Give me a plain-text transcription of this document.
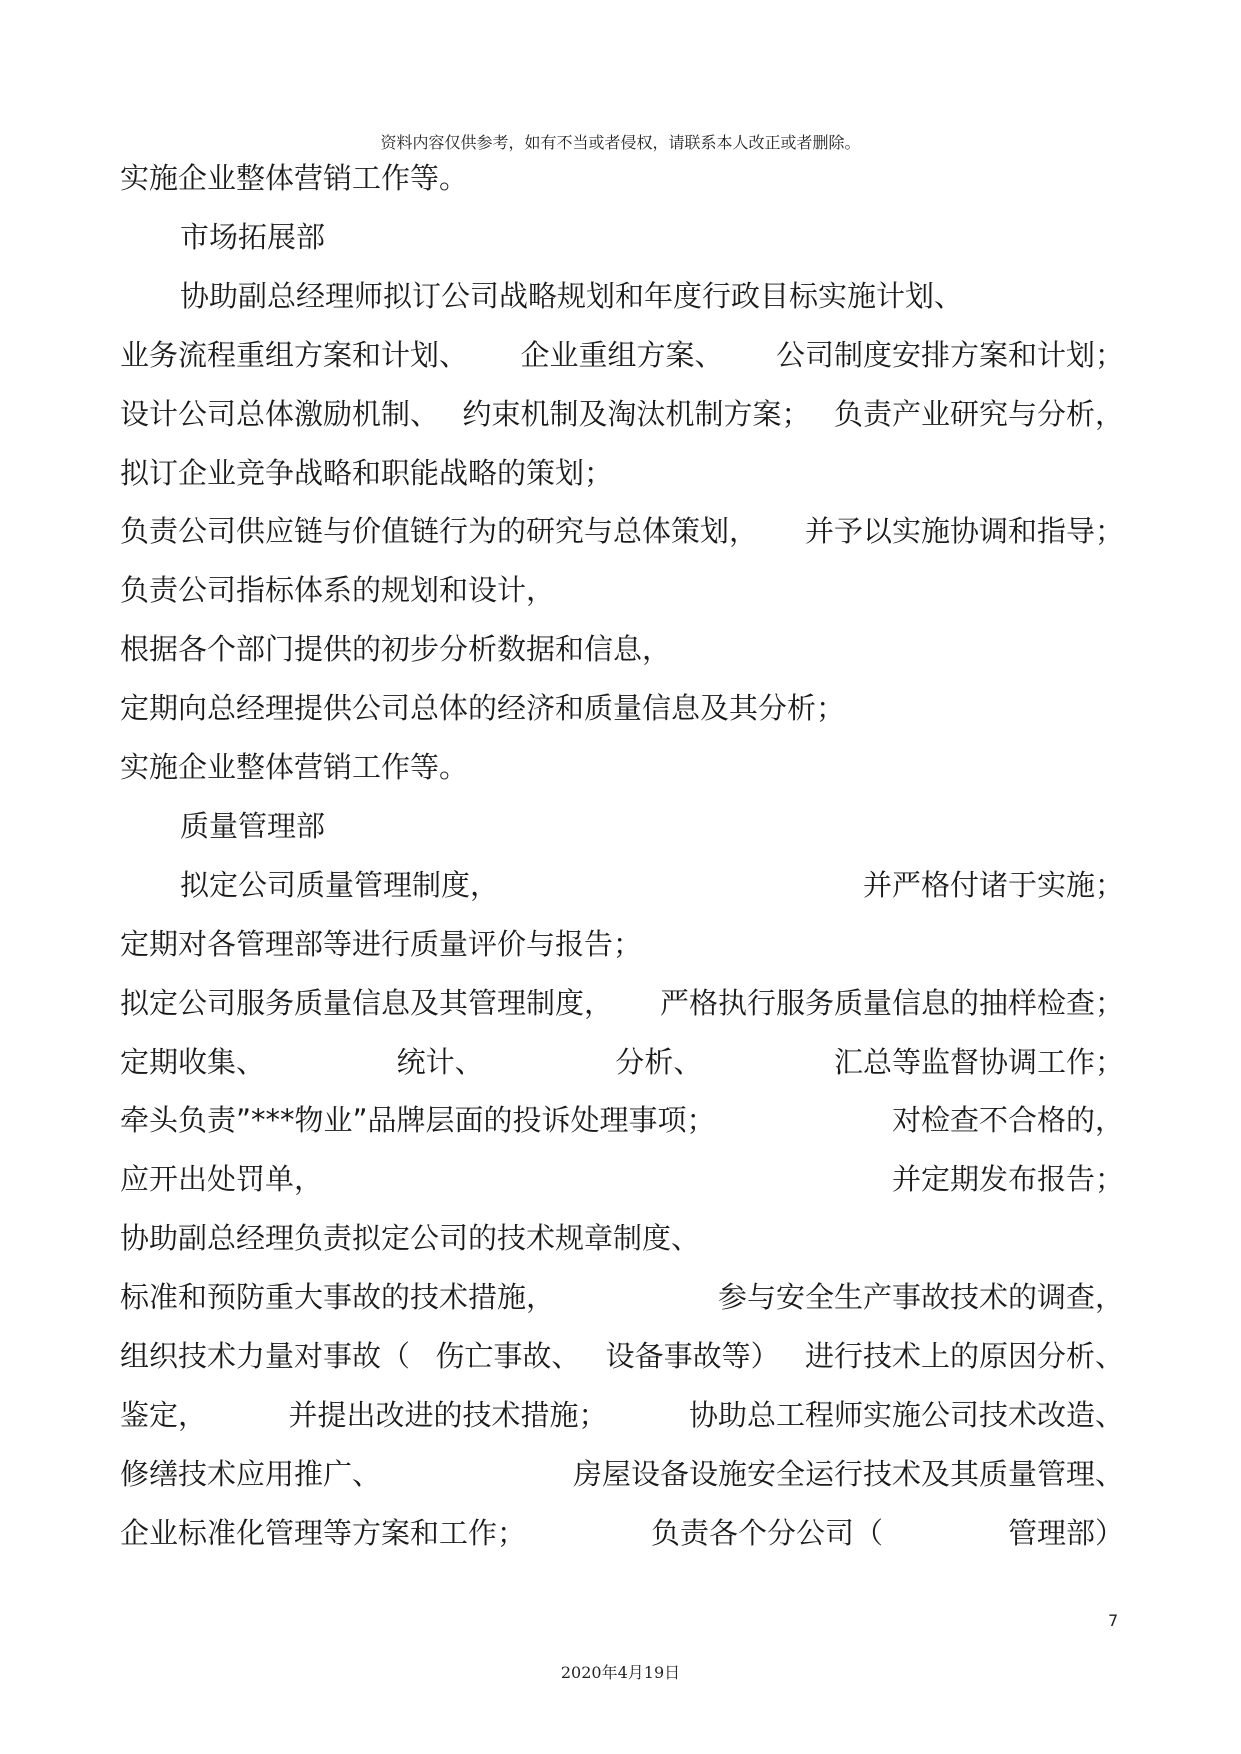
资料内容仅供参考，如有不当或者侵权，请联系本人改正或者删除。
实施企业整体营销工作等。
市场拓展部
协助副总经理师拟订公司战略规划和年度行政目标实施计划、
业务流程重组方案和计划、 企业重组方案、 公司制度安排方案和计划；
设计公司总体激励机制、 约束机制及淘汰机制方案； 负责产业研究与分析，
拟订企业竞争战略和职能战略的策划；
负责公司供应链与价值链行为的研究与总体策划， 并予以实施协调和指导；
负责公司指标体系的规划和设计，
根据各个部门提供的初步分析数据和信息，
定期向总经理提供公司总体的经济和质量信息及其分析；
实施企业整体营销工作等。
质量管理部
拟定公司质量管理制度，	并严格付诸于实施；
定期对各管理部等进行质量评价与报告；
拟定公司服务质量信息及其管理制度， 严格执行服务质量信息的抽样检查；
定期收集、	统计、	分析、	汇总等监督协调工作；
牵头负责”***物业”品牌层面的投诉处理事项；	对检查不合格的，
应开出处罚单，	并定期发布报告；
协助副总经理负责拟定公司的技术规章制度、
标准和预防重大事故的技术措施，	参与安全生产事故技术的调查，
组织技术力量对事故（ 伤亡事故、 设备事故等） 进行技术上的原因分析、
鉴定，	并提出改进的技术措施；	协助总工程师实施公司技术改造、
修缮技术应用推广、	房屋设备设施安全运行技术及其质量管理、
企业标准化管理等方案和工作；	负责各个分公司（	管理部）
7
2020年4月19日
